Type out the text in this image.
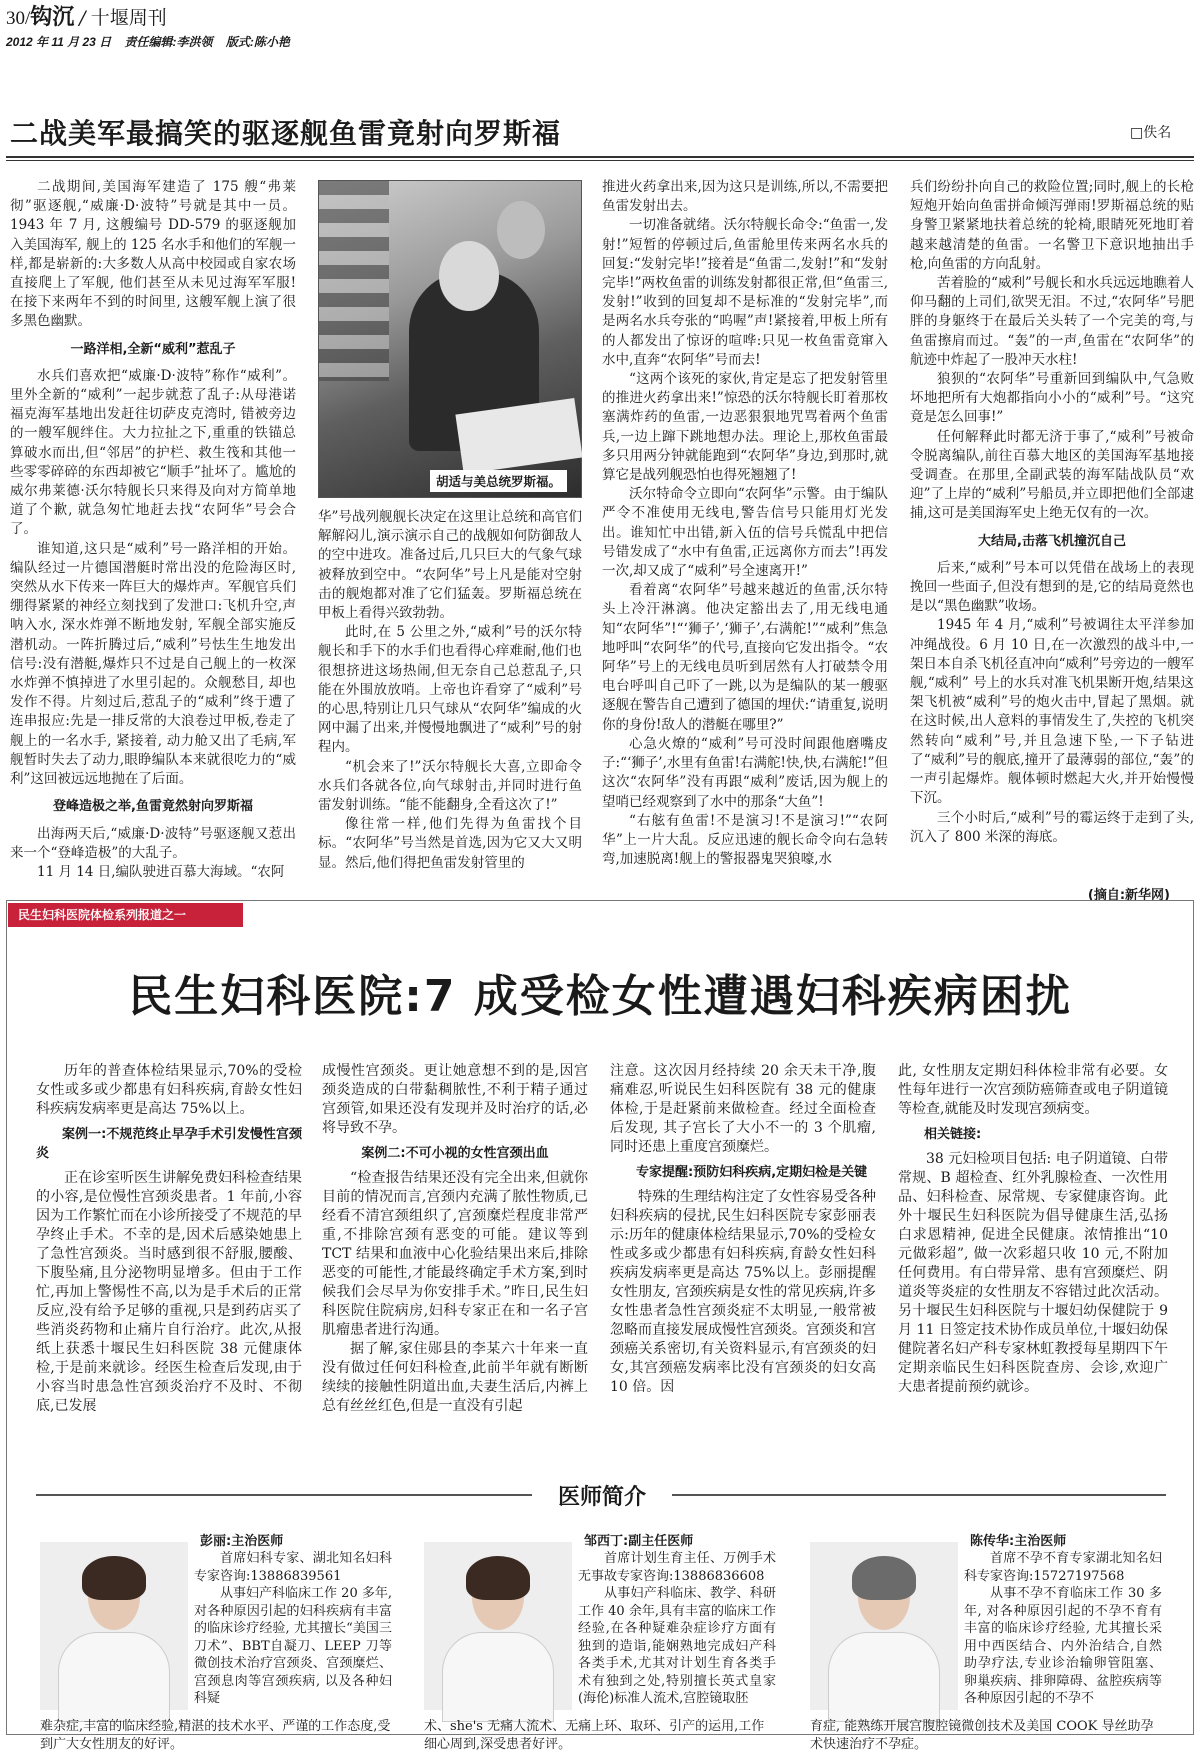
30/ 钩沉 / 十堰周刊
2012 年 11 月 23 日 责任编辑:李洪领 版式:陈小艳
二战美军最搞笑的驱逐舰鱼雷竟射向罗斯福	□佚名

二战期间,美国海军建造了 175 艘“弗莱彻”驱逐舰,“威廉·D·波特”号就是其中一员。1943 年 7 月, 这艘编号 DD-579 的驱逐舰加入美国海军, 舰上的 125 名水手和他们的军舰一样,都是崭新的:大多数人从高中校园或自家农场直接爬上了军舰, 他们甚至从未见过海军军服! 在接下来两年不到的时间里, 这艘军舰上演了很多黑色幽默。

一路洋相,全新“威利”惹乱子

水兵们喜欢把“威廉·D·波特”称作“威利”。里外全新的“威利”一起步就惹了乱子:从母港诺福克海军基地出发赶往切萨皮克湾时, 错被旁边的一艘军舰绊住。大力拉扯之下,重重的铁锚总算破水而出,但“邻居”的护栏、救生筏和其他一些零零碎碎的东西却被它“顺手”扯坏了。尴尬的威尔弗莱德·沃尔特舰长只来得及向对方简单地道了个歉, 就急匆忙地赶去找“农阿华”号会合了。

谁知道,这只是“威利”号一路洋相的开始。编队经过一片德国潜艇时常出没的危险海区时,突然从水下传来一阵巨大的爆炸声。军舰官兵们绷得紧紧的神经立刻找到了发泄口:飞机升空,声呐入水, 深水炸弹不断地发射, 军舰全部实施反潜机动。一阵折腾过后,“威利”号怯生生地发出信号:没有潜艇,爆炸只不过是自己舰上的一枚深水炸弹不慎掉进了水里引起的。众舰愁目, 却也发作不得。片刻过后,惹乱子的“威利”终于遭了连串报应:先是一排反常的大浪卷过甲板,卷走了舰上的一名水手, 紧接着, 动力舱又出了毛病,军舰暂时失去了动力,眼睁编队本来就很吃力的“威利”这回被远远地抛在了后面。

登峰造极之举,鱼雷竟然射向罗斯福

出海两天后,“威廉·D·波特”号驱逐舰又惹出来一个“登峰造极”的大乱子。

11 月 14 日,编队驶进百慕大海域。“农阿

胡适与美总统罗斯福。

华”号战列舰舰长决定在这里让总统和高官们解解闷儿,演示演示自己的战舰如何防御敌人的空中进攻。准备过后,几只巨大的气象气球被释放到空中。“农阿华”号上凡是能对空射击的舰炮都对准了它们猛轰。罗斯福总统在甲板上看得兴致勃勃。

此时,在 5 公里之外,“威利”号的沃尔特舰长和手下的水手们也看得心痒难耐,他们也很想挤进这场热闹,但无奈自己总惹乱子,只能在外围放放哨。上帝也许看穿了“威利”号的心思,特别让几只气球从“农阿华”编成的火网中漏了出来,并慢慢地飘进了“威利”号的射程内。

“机会来了!”沃尔特舰长大喜,立即命令水兵们各就各位,向气球射击,并同时进行鱼雷发射训练。“能不能翻身,全看这次了!”

像往常一样,他们先得为鱼雷找个目标。“农阿华”号当然是首选,因为它又大又明显。然后,他们得把鱼雷发射管里的

推进火药拿出来,因为这只是训练,所以,不需要把鱼雷发射出去。

一切准备就绪。沃尔特舰长命令:“鱼雷一,发射!”短暂的停顿过后,鱼雷舱里传来两名水兵的回复:“发射完毕!”接着是“鱼雷二,发射!”和“发射完毕!”两枚鱼雷的训练发射都很正常,但“鱼雷三,发射!”收到的回复却不是标准的“发射完毕”,而是两名水兵夸张的“呜喔”声!紧接着,甲板上所有的人都发出了惊讶的喧哗:只见一枚鱼雷竟窜入水中,直奔“农阿华”号而去!

“这两个该死的家伙,肯定是忘了把发射管里的推进火药拿出来!”惊恐的沃尔特舰长盯着那枚塞满炸药的鱼雷,一边恶狠狠地咒骂着两个鱼雷兵,一边上蹿下跳地想办法。理论上,那枚鱼雷最多只用两分钟就能跑到“农阿华”身边,到那时,就算它是战列舰恐怕也得死翘翘了!

沃尔特命令立即向“农阿华”示警。由于编队严令不准使用无线电,警告信号只能用灯光发出。谁知忙中出错,新入伍的信号兵慌乱中把信号错发成了“水中有鱼雷,正远离你方而去”!再发一次,却又成了“威利”号全速离开!”

看着离“农阿华”号越来越近的鱼雷,沃尔特头上冷汗淋漓。他决定豁出去了,用无线电通知“农阿华”!“‘狮子’,‘狮子’,右满舵!”“威利”焦急地呼叫“农阿华”的代号,直接向它发出指令。“农阿华”号上的无线电员听到居然有人打破禁令用电台呼叫自己吓了一跳,以为是编队的某一艘驱逐舰在警告自己遭到了德国的埋伏:“请重复,说明你的身份!敌人的潜艇在哪里?”

心急火燎的“威利”号可没时间跟他磨嘴皮子:“‘狮子’,水里有鱼雷!右满舵!快,快,右满舵!”但这次“农阿华”没有再跟“威利”废话,因为舰上的望哨已经观察到了水中的那条“大鱼”!

“右舷有鱼雷!不是演习!不是演习!”“农阿华”上一片大乱。反应迅速的舰长命令向右急转弯,加速脱离!舰上的警报器鬼哭狼嚎,水

兵们纷纷扑向自己的救险位置;同时,舰上的长枪短炮开始向鱼雷拼命倾泻弹雨!罗斯福总统的贴身警卫紧紧地扶着总统的轮椅,眼睛死死地盯着越来越清楚的鱼雷。一名警卫下意识地抽出手枪,向鱼雷的方向乱射。

苦着脸的“威利”号舰长和水兵远远地瞧着人仰马翻的上司们,欲哭无泪。不过,“农阿华”号肥胖的身躯终于在最后关头转了一个完美的弯,与鱼雷擦肩而过。“轰”的一声,鱼雷在“农阿华”的航迹中炸起了一股冲天水柱!

狼狈的“农阿华”号重新回到编队中,气急败坏地把所有大炮都指向小小的“威利”号。“这究竟是怎么回事!”

任何解释此时都无济于事了,“威利”号被命令脱离编队,前往百慕大地区的美国海军基地接受调查。在那里,全副武装的海军陆战队员“欢迎”了上岸的“威利”号船员,并立即把他们全部逮捕,这可是美国海军史上绝无仅有的一次。

大结局,击落飞机撞沉自己

后来,“威利”号本可以凭借在战场上的表现挽回一些面子,但没有想到的是,它的结局竟然也是以“黑色幽默”收场。

1945 年 4 月,“威利”号被调往太平洋参加冲绳战役。6 月 10 日,在一次激烈的战斗中,一架日本自杀飞机径直冲向“威利”号旁边的一艘军舰,“威利” 号上的水兵对准飞机果断开炮,结果这架飞机被“威利”号的炮火击中,冒起了黑烟。就在这时候,出人意料的事情发生了,失控的飞机突然转向“威利”号,并且急速下坠,一下子钻进了“威利”号的舰底,撞开了最薄弱的部位,“轰”的一声引起爆炸。舰体顿时燃起大火,并开始慢慢下沉。

三个小时后,“威利”号的霉运终于走到了头,沉入了 800 米深的海底。

(摘自:新华网)
民生妇科医院体检系列报道之一
民生妇科医院:7 成受检女性遭遇妇科疾病困扰

历年的普查体检结果显示,70%的受检女性或多或少都患有妇科疾病,育龄女性妇科疾病发病率更是高达 75%以上。

案例一:不规范终止早孕手术引发慢性宫颈炎

正在诊室听医生讲解免费妇科检查结果的小容,是位慢性宫颈炎患者。1 年前,小容因为工作繁忙而在小诊所接受了不规范的早孕终止手术。不幸的是,因术后感染她患上了急性宫颈炎。当时感到很不舒服,腰酸、下腹坠痛,且分泌物明显增多。但由于工作忙,再加上警惕性不高,以为是手术后的正常反应,没有给予足够的重视,只是到药店买了些消炎药物和止痛片自行治疗。此次,从报纸上获悉十堰民生妇科医院 38 元健康体检,于是前来就诊。经医生检查后发现,由于小容当时患急性宫颈炎治疗不及时、不彻底,已发展

成慢性宫颈炎。更让她意想不到的是,因宫颈炎造成的白带黏稠脓性,不利于精子通过宫颈管,如果还没有发现并及时治疗的话,必将导致不孕。

案例二:不可小视的女性宫颈出血

“检查报告结果还没有完全出来,但就你目前的情况而言,宫颈内充满了脓性物质,已经看不清宫颈组织了,宫颈糜烂程度非常严重,不排除宫颈有恶变的可能。建议等到 TCT 结果和血液中心化验结果出来后,排除恶变的可能性,才能最终确定手术方案,到时候我们会尽早为你安排手术。”昨日,民生妇科医院住院病房,妇科专家正在和一名子宫肌瘤患者进行沟通。

据了解,家住郧县的李某六十年来一直没有做过任何妇科检查,此前半年就有断断续续的接触性阴道出血,夫妻生活后,内裤上总有丝丝红色,但是一直没有引起

注意。这次因月经持续 20 余天未干净,腹痛难忍,听说民生妇科医院有 38 元的健康体检,于是赶紧前来做检查。经过全面检查后发现, 其子宫长了大小不一的 3 个肌瘤,同时还患上重度宫颈糜烂。

专家提醒:预防妇科疾病,定期妇检是关键

特殊的生理结构注定了女性容易受各种妇科疾病的侵扰,民生妇科医院专家彭丽表示:历年的健康体检结果显示,70%的受检女性或多或少都患有妇科疾病,育龄女性妇科疾病发病率更是高达 75%以上。彭丽提醒女性朋友, 宫颈疾病是女性的常见疾病,许多女性患者急性宫颈炎症不太明显,一般常被忽略而直接发展成慢性宫颈炎。宫颈炎和宫颈癌关系密切,有关资料显示,有宫颈炎的妇女,其宫颈癌发病率比没有宫颈炎的妇女高 10 倍。因

此, 女性朋友定期妇科体检非常有必要。女性每年进行一次宫颈防癌筛查或电子阴道镜等检查,就能及时发现宫颈病变。

相关链接:

38 元妇检项目包括: 电子阴道镜、白带常规、B 超检查、红外乳腺检查、一次性用品、妇科检查、尿常规、专家健康咨询。此外十堰民生妇科医院为倡导健康生活,弘扬白求恩精神, 促进全民健康。浓情推出“10 元做彩超”, 做一次彩超只收 10 元,不附加任何费用。有白带异常、患有宫颈糜烂、阴道炎等炎症的女性朋友不容错过此次活动。另十堰民生妇科医院与十堰妇幼保健院于 9 月 11 日签定技术协作成员单位,十堰妇幼保健院著名妇产科专家林虹教授每星期四下午定期亲临民生妇科医院查房、会诊,欢迎广大患者提前预约就诊。

医师简介
彭丽:主治医师

首席妇科专家、湖北知名妇科专家咨询:13886839561

从事妇产科临床工作 20 多年, 对各种原因引起的妇科疾病有丰富的临床诊疗经验, 尤其擅长“美国三刀术”、BBT自凝刀、LEEP 刀等微创技术治疗宫颈炎、宫颈糜烂、宫颈息肉等宫颈疾病, 以及各种妇科疑

难杂症,丰富的临床经验,精湛的技术水平、严谨的工作态度,受到广大女性朋友的好评。
邹西丁:副主任医师

首席计划生育主任、万例手术无事故专家咨询:13886836608

从事妇产科临床、教学、科研工作 40 余年,具有丰富的临床工作经验,在各种疑难杂症诊疗方面有独到的造诣,能娴熟地完成妇产科各类手术,尤其对计划生育各类手术有独到之处,特别擅长英式皇家(海伦)标准人流术,宫腔镜取胚

术、she's 无痛人流术、无痛上环、取环、引产的运用,工作细心周到,深受患者好评。
陈传华:主治医师

首席不孕不育专家湖北知名妇科专家咨询:15727197568

从事不孕不育临床工作 30 多年, 对各种原因引起的不孕不育有丰富的临床诊疗经验, 尤其擅长采用中西医结合、内外治结合,自然助孕疗法,专业诊治输卵管阻塞、卵巢疾病、排卵障碍、盆腔疾病等各种原因引起的不孕不

育症, 能熟练开展宫腹腔镜微创技术及美国 COOK 导丝助孕术快速治疗不孕症。
